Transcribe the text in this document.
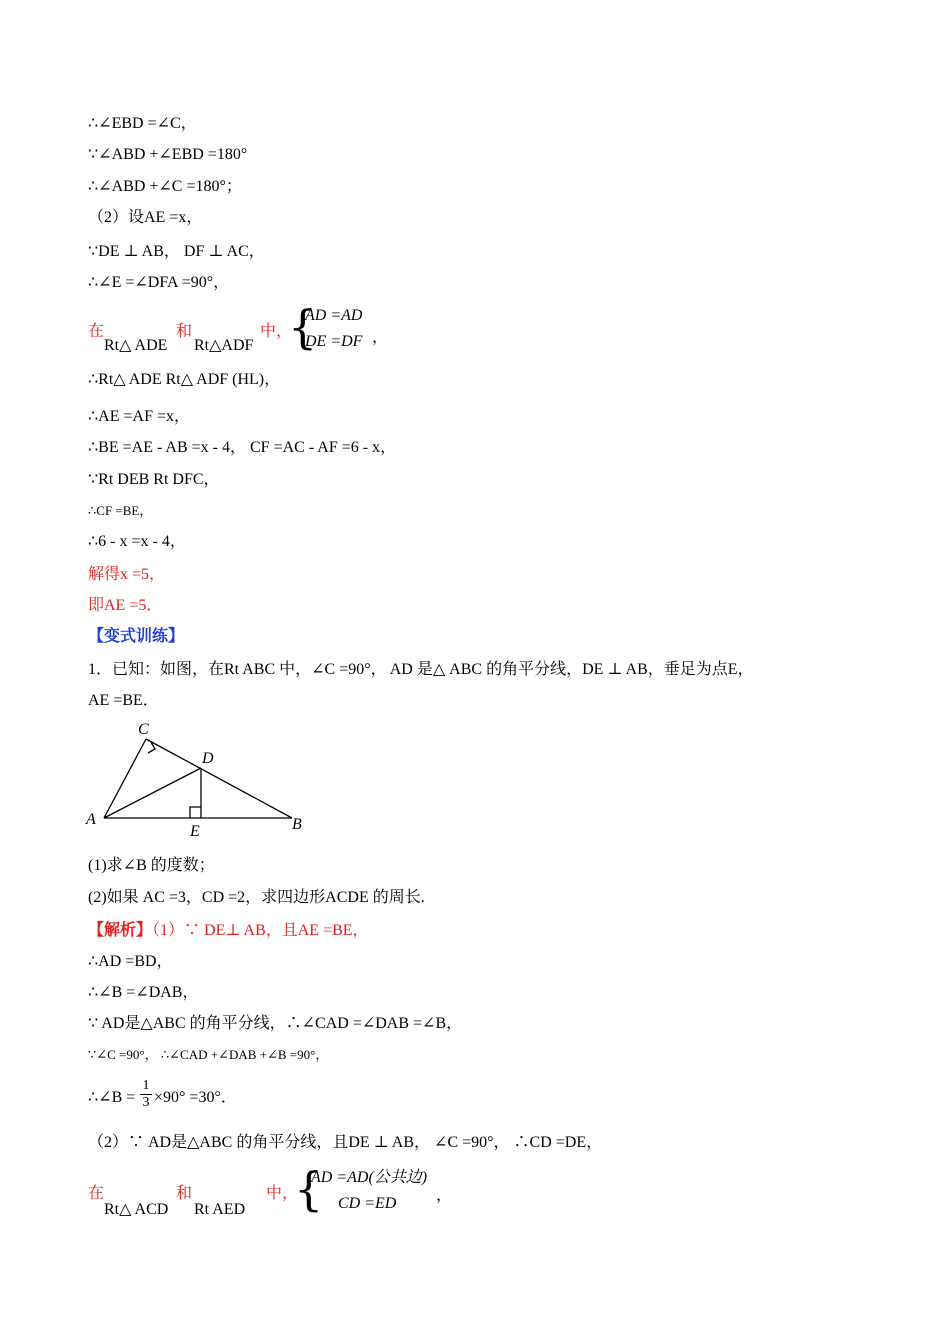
∴∠EBD =∠C，
∵∠ABD +∠EBD =180°
∴∠ABD +∠C =180°；
（2）设AE =x，
∵DE ⊥ AB， DF ⊥ AC，
∴∠E =∠DFA =90°，
在
Rt△ ADE
和
Rt△ADF
中，
{
AD =AD
DE =DF ，
∴Rt△ ADE Rt△ ADF (HL)，
∴AE =AF =x，
∴BE =AE - AB =x - 4， CF =AC - AF =6 - x，
∵Rt DEB Rt DFC，
∴CF =BE，
∴6 - x =x - 4，
解得x =5，
即AE =5．
【变式训练】
1．已知：如图，在Rt ABC 中，∠C =90°， AD 是△ ABC 的角平分线，DE ⊥ AB，垂足为点E，
AE =BE．
A	B
C
D
E
(1)求∠B 的度数；
(2)如果 AC =3，CD =2，求四边形ACDE 的周长.
【解析】（1）∵ DE⊥ AB，且AE =BE，
∴AD =BD，
∴∠B =∠DAB，
∵ AD是△ABC 的角平分线，∴∠CAD =∠DAB =∠B，
∵∠C =90°， ∴∠CAD +∠DAB +∠B =90°，
∴∠B =
1
3 ×90° =30°．
（2）∵ AD是△ABC 的角平分线，且DE ⊥ AB， ∠C =90°， ∴CD =DE，
在
Rt△ ACD
和
Rt AED
中，
{
AD =AD(公共边)
CD =ED ，
